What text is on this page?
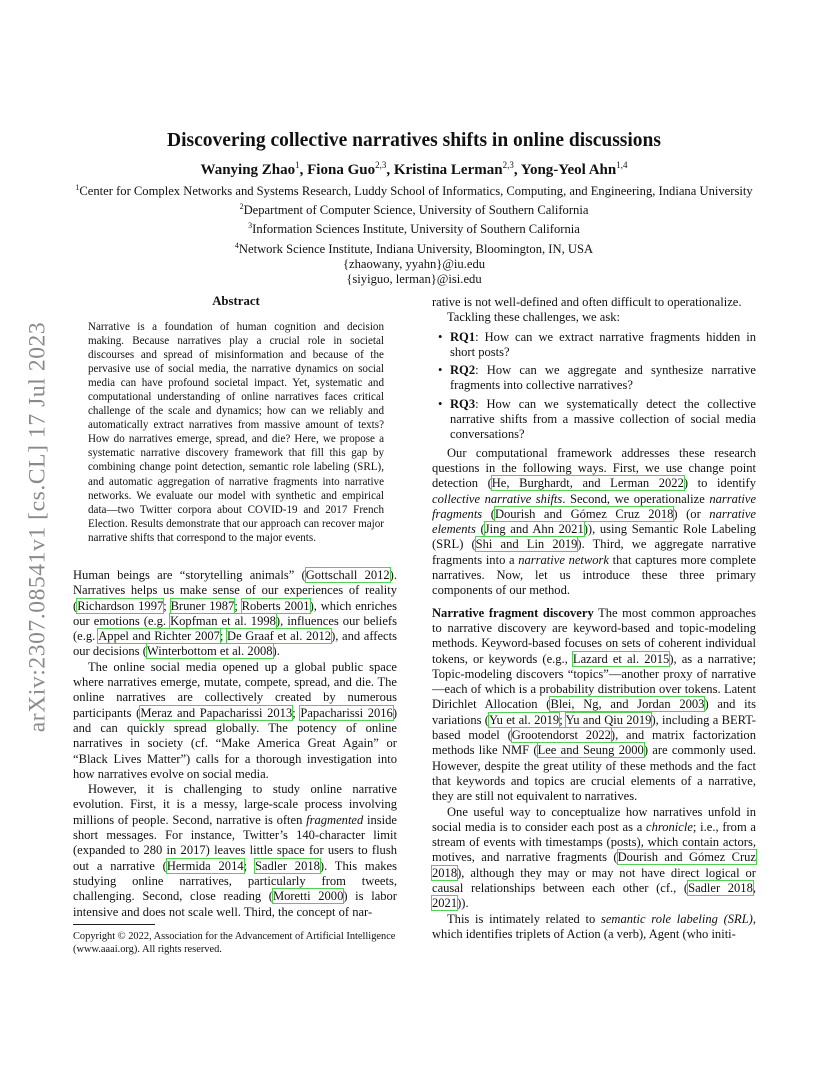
arXiv:2307.08541v1 [cs.CL] 17 Jul 2023
Discovering collective narratives shifts in online discussions
Wanying Zhao$^1$, Fiona Guo$^{2,3}$, Kristina Lerman$^{2,3}$, Yong-Yeol Ahn$^{1,4}$
$^1$Center for Complex Networks and Systems Research, Luddy School of Informatics, Computing, and Engineering, Indiana University
$^2$Department of Computer Science, University of Southern California
$^3$Information Sciences Institute, University of Southern California
$^4$Network Science Institute, Indiana University, Bloomington, IN, USA
{zhaowany, yyahn}@iu.edu
{siyiguo, lerman}@isi.edu
Abstract
Narrative is a foundation of human cognition and decision making. Because narratives play a crucial role in societal discourses and spread of misinformation and because of the pervasive use of social media, the narrative dynamics on social media can have profound societal impact. Yet, systematic and computational understanding of online narratives faces critical challenge of the scale and dynamics; how can we reliably and automatically extract narratives from massive amount of texts? How do narratives emerge, spread, and die? Here, we propose a systematic narrative discovery framework that fill this gap by combining change point detection, semantic role labeling (SRL), and automatic aggregation of narrative fragments into narrative networks. We evaluate our model with synthetic and empirical data—two Twitter corpora about COVID-19 and 2017 French Election. Results demonstrate that our approach can recover major narrative shifts that correspond to the major events.

Human beings are “storytelling animals” (Gottschall 2012). Narratives helps us make sense of our experiences of reality (Richardson 1997; Bruner 1987; Roberts 2001), which enriches our emotions (e.g. Kopfman et al. 1998), influences our beliefs (e.g. Appel and Richter 2007; De Graaf et al. 2012), and affects our decisions (Winterbottom et al. 2008).

The online social media opened up a global public space where narratives emerge, mutate, compete, spread, and die. The online narratives are collectively created by numerous participants (Meraz and Papacharissi 2013; Papacharissi 2016) and can quickly spread globally. The potency of online narratives in society (cf. “Make America Great Again” or “Black Lives Matter”) calls for a thorough investigation into how narratives evolve on social media.

However, it is challenging to study online narrative evolution. First, it is a messy, large-scale process involving millions of people. Second, narrative is often fragmented inside short messages. For instance, Twitter’s 140-character limit (expanded to 280 in 2017) leaves little space for users to flush out a narrative (Hermida 2014; Sadler 2018). This makes studying online narratives, particularly from tweets, challenging. Second, close reading (Moretti 2000) is labor intensive and does not scale well. Third, the concept of nar-

Copyright © 2022, Association for the Advancement of Artificial Intelligence (www.aaai.org). All rights reserved.

rative is not well-defined and often difficult to operationalize.

Tackling these challenges, we ask:

• RQ1: How can we extract narrative fragments hidden in short posts?
• RQ2: How can we aggregate and synthesize narrative fragments into collective narratives?
• RQ3: How can we systematically detect the collective narrative shifts from a massive collection of social media conversations?

Our computational framework addresses these research questions in the following ways. First, we use change point detection (He, Burghardt, and Lerman 2022) to identify collective narrative shifts. Second, we operationalize narrative fragments (Dourish and Gómez Cruz 2018) (or narrative elements (Jing and Ahn 2021)), using Semantic Role Labeling (SRL) (Shi and Lin 2019). Third, we aggregate narrative fragments into a narrative network that captures more complete narratives. Now, let us introduce these three primary components of our method.

Narrative fragment discovery The most common approaches to narrative discovery are keyword-based and topic-modeling methods. Keyword-based focuses on sets of coherent individual tokens, or keywords (e.g., Lazard et al. 2015), as a narrative; Topic-modeling discovers “topics”—another proxy of narrative—each of which is a probability distribution over tokens. Latent Dirichlet Allocation (Blei, Ng, and Jordan 2003) and its variations (Yu et al. 2019; Yu and Qiu 2019), including a BERT-based model (Grootendorst 2022), and matrix factorization methods like NMF (Lee and Seung 2000) are commonly used. However, despite the great utility of these methods and the fact that keywords and topics are crucial elements of a narrative, they are still not equivalent to narratives.

One useful way to conceptualize how narratives unfold in social media is to consider each post as a chronicle; i.e., from a stream of events with timestamps (posts), which contain actors, motives, and narrative fragments (Dourish and Gómez Cruz 2018), although they may or may not have direct logical or causal relationships between each other (cf., (Sadler 2018, 2021)).

This is intimately related to semantic role labeling (SRL), which identifies triplets of Action (a verb), Agent (who initi-
